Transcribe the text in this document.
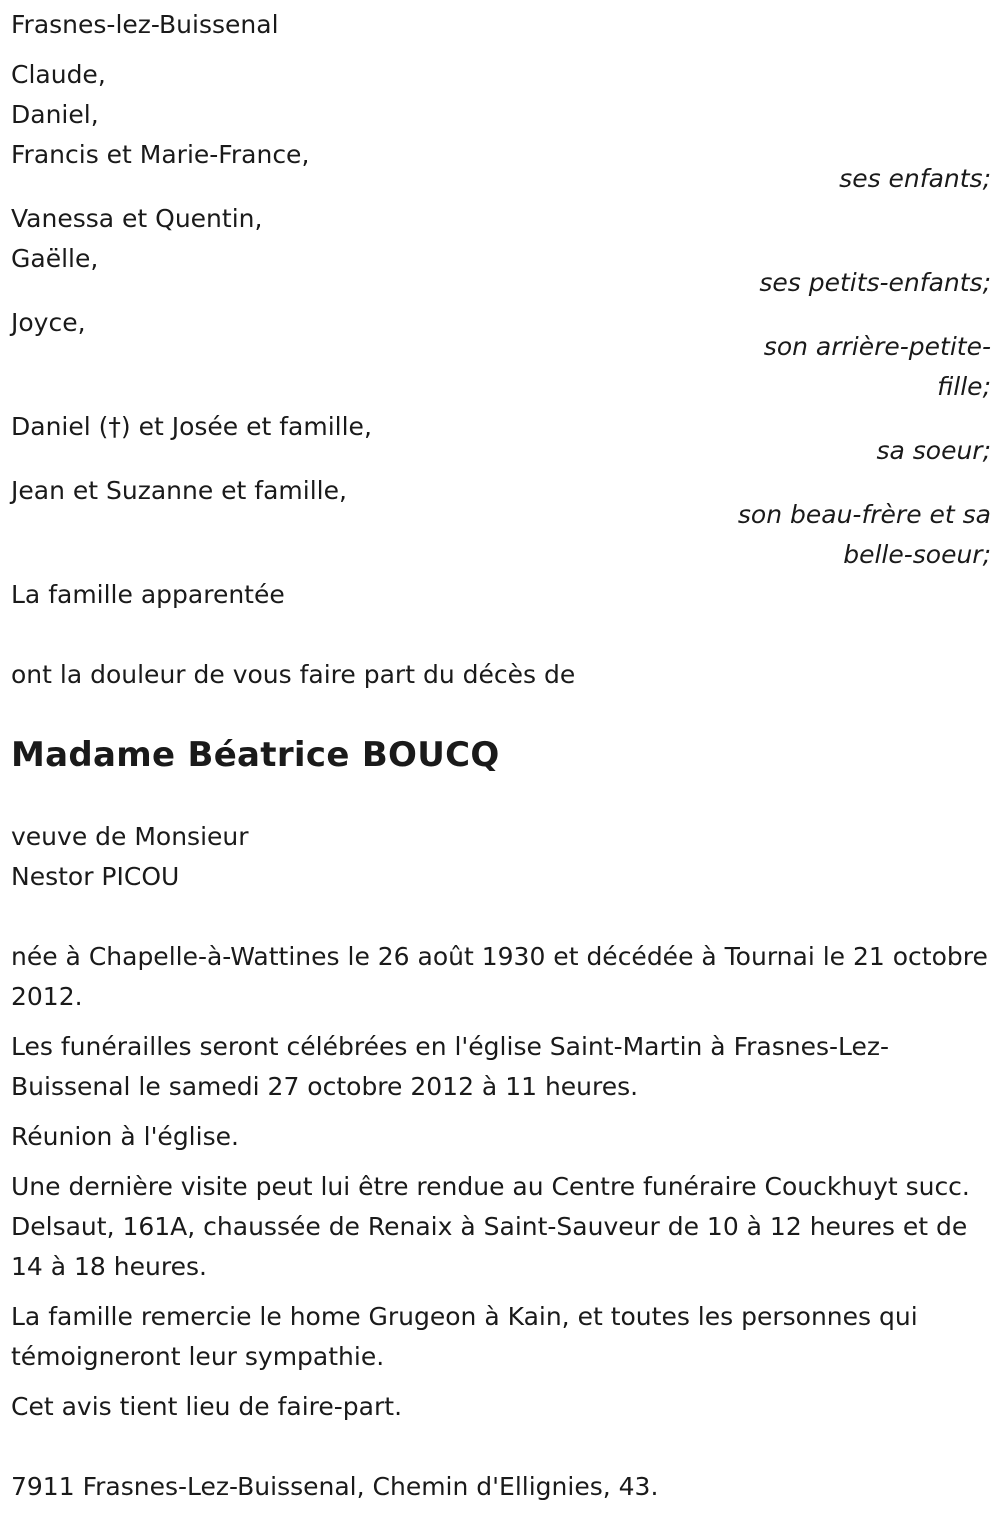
Frasnes-lez-Buissenal
Claude,
Daniel,
Francis et Marie-France,
ses enfants;
Vanessa et Quentin,
Gaëlle,
ses petits-enfants;
Joyce,
son arrière-petite-
fille;
Daniel (†) et Josée et famille,
sa soeur;
Jean et Suzanne et famille,
son beau-frère et sa
belle-soeur;
La famille apparentée
ont la douleur de vous faire part du décès de
Madame Béatrice BOUCQ
veuve de Monsieur
Nestor PICOU
née à Chapelle-à-Wattines le 26 août 1930 et décédée à Tournai le 21 octobre 2012.
Les funérailles seront célébrées en l'église Saint-Martin à Frasnes-Lez-Buissenal le samedi 27 octobre 2012 à 11 heures.
Réunion à l'église.
Une dernière visite peut lui être rendue au Centre funéraire Couckhuyt succ. Delsaut, 161A, chaussée de Renaix à Saint-Sauveur de 10 à 12 heures et de 14 à 18 heures.
La famille remercie le home Grugeon à Kain, et toutes les personnes qui témoigneront leur sympathie.
Cet avis tient lieu de faire-part.
7911 Frasnes-Lez-Buissenal, Chemin d'Ellignies, 43.
